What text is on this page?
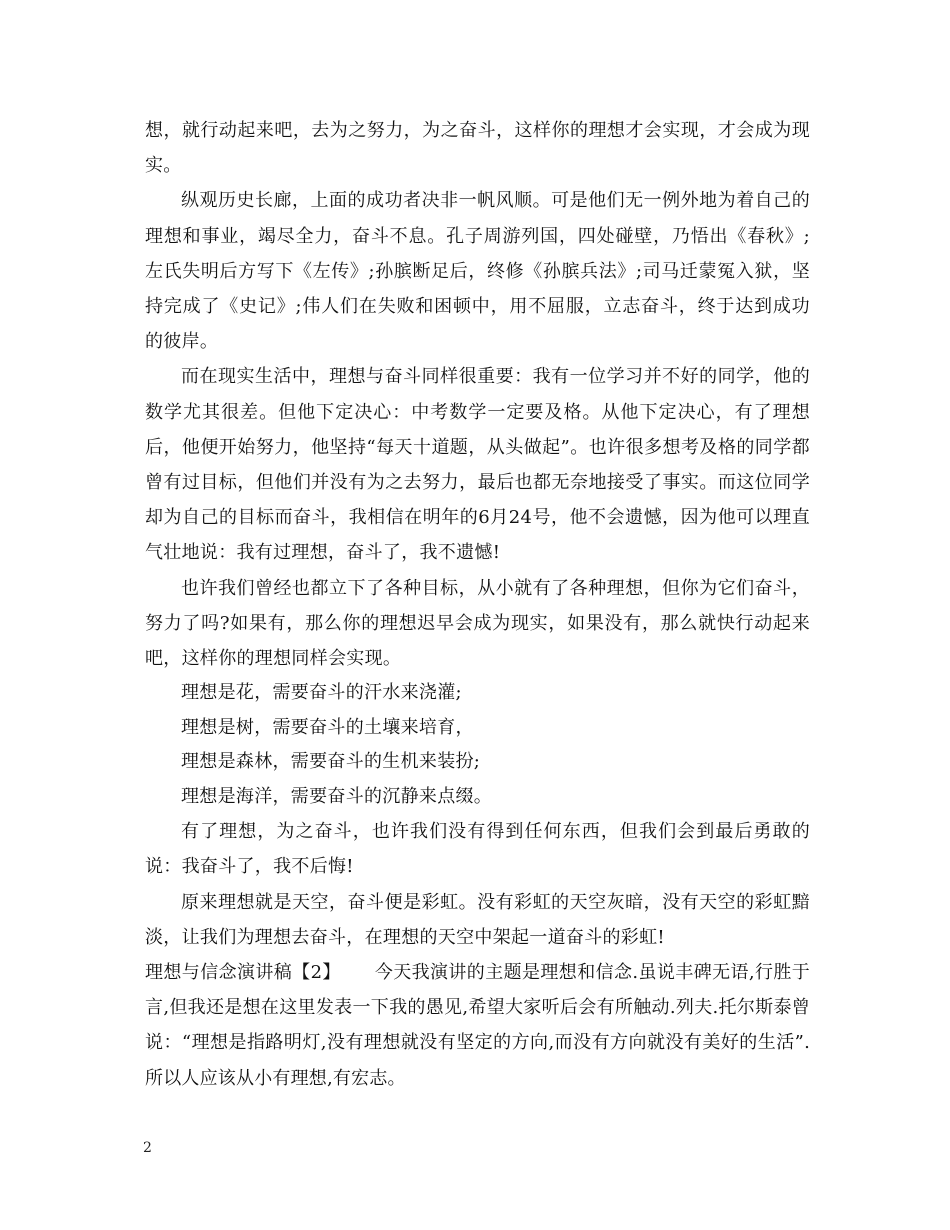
想，就行动起来吧，去为之努力，为之奋斗，这样你的理想才会实现，才会成为现实。

纵观历史长廊，上面的成功者决非一帆风顺。可是他们无一例外地为着自己的理想和事业，竭尽全力，奋斗不息。孔子周游列国，四处碰壁，乃悟出《春秋》;左氏失明后方写下《左传》;孙膑断足后，终修《孙膑兵法》;司马迁蒙冤入狱，坚持完成了《史记》;伟人们在失败和困顿中，用不屈服，立志奋斗，终于达到成功的彼岸。

而在现实生活中，理想与奋斗同样很重要：我有一位学习并不好的同学，他的数学尤其很差。但他下定决心：中考数学一定要及格。从他下定决心，有了理想后，他便开始努力，他坚持“每天十道题，从头做起”。也许很多想考及格的同学都曾有过目标，但他们并没有为之去努力，最后也都无奈地接受了事实。而这位同学却为自己的目标而奋斗，我相信在明年的6月24号，他不会遗憾，因为他可以理直气壮地说：我有过理想，奋斗了，我不遗憾!

也许我们曾经也都立下了各种目标，从小就有了各种理想，但你为它们奋斗，努力了吗?如果有，那么你的理想迟早会成为现实，如果没有，那么就快行动起来吧，这样你的理想同样会实现。

理想是花，需要奋斗的汗水来浇灌;

理想是树，需要奋斗的土壤来培育，

理想是森林，需要奋斗的生机来装扮;

理想是海洋，需要奋斗的沉静来点缀。

有了理想，为之奋斗，也许我们没有得到任何东西，但我们会到最后勇敢的说：我奋斗了，我不后悔!

原来理想就是天空，奋斗便是彩虹。没有彩虹的天空灰暗，没有天空的彩虹黯淡，让我们为理想去奋斗，在理想的天空中架起一道奋斗的彩虹!

理想与信念演讲稿【2】 今天我演讲的主题是理想和信念.虽说丰碑无语,行胜于言,但我还是想在这里发表一下我的愚见,希望大家听后会有所触动.列夫.托尔斯泰曾说：“理想是指路明灯,没有理想就没有坚定的方向,而没有方向就没有美好的生活”.所以人应该从小有理想,有宏志。

2
